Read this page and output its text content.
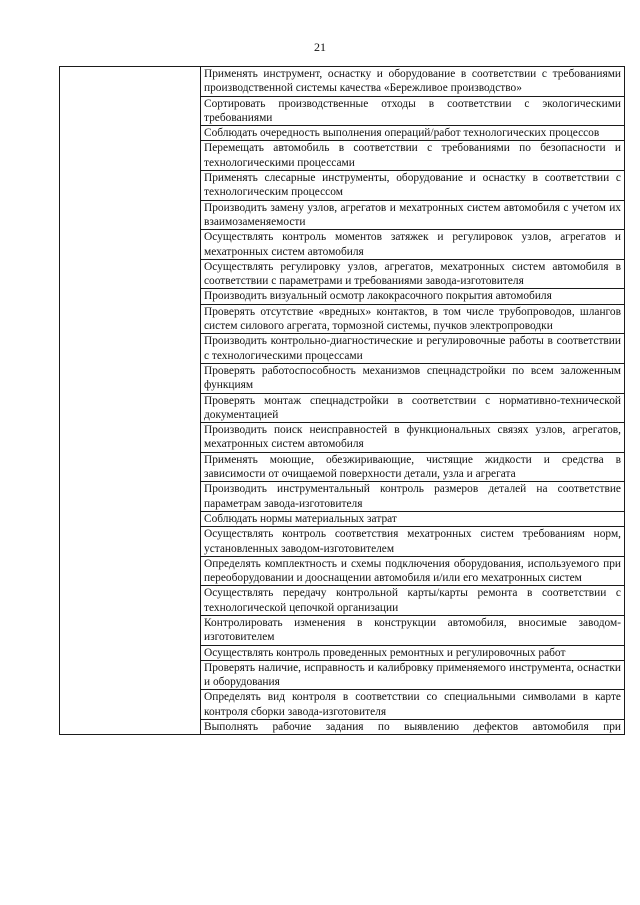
21

Применять инструмент, оснастку и оборудование в соответствии с требованиями производственной системы качества «Бережливое производство»

Сортировать производственные отходы в соответствии с экологическими требованиями

Соблюдать очередность выполнения операций/работ технологических процессов

Перемещать автомобиль в соответствии с требованиями по безопасности и технологическими процессами

Применять слесарные инструменты, оборудование и оснастку в соответствии с технологическим процессом

Производить замену узлов, агрегатов и мехатронных систем автомобиля с учетом их взаимозаменяемости

Осуществлять контроль моментов затяжек и регулировок узлов, агрегатов и мехатронных систем автомобиля

Осуществлять регулировку узлов, агрегатов, мехатронных систем автомобиля в соответствии с параметрами и требованиями завода-изготовителя

Производить визуальный осмотр лакокрасочного покрытия автомобиля

Проверять отсутствие «вредных» контактов, в том числе трубопроводов, шлангов систем силового агрегата, тормозной системы, пучков электропроводки

Производить контрольно-диагностические и регулировочные работы в соответствии с технологическими процессами

Проверять работоспособность механизмов спецнадстройки по всем заложенным функциям

Проверять монтаж спецнадстройки в соответствии с нормативно-технической документацией

Производить поиск неисправностей в функциональных связях узлов, агрегатов, мехатронных систем автомобиля

Применять моющие, обезжиривающие, чистящие жидкости и средства в зависимости от очищаемой поверхности детали, узла и агрегата

Производить инструментальный контроль размеров деталей на соответствие параметрам завода-изготовителя

Соблюдать нормы материальных затрат

Осуществлять контроль соответствия мехатронных систем требованиям норм, установленных заводом-изготовителем

Определять комплектность и схемы подключения оборудования, используемого при переоборудовании и дооснащении автомобиля и/или его мехатронных систем

Осуществлять передачу контрольной карты/карты ремонта в соответствии с технологической цепочкой организации

Контролировать изменения в конструкции автомобиля, вносимые заводом-изготовителем

Осуществлять контроль проведенных ремонтных и регулировочных работ

Проверять наличие, исправность и калибровку применяемого инструмента, оснастки и оборудования

Определять вид контроля в соответствии со специальными символами в карте контроля сборки завода-изготовителя

Выполнять рабочие задания по выявлению дефектов автомобиля при
